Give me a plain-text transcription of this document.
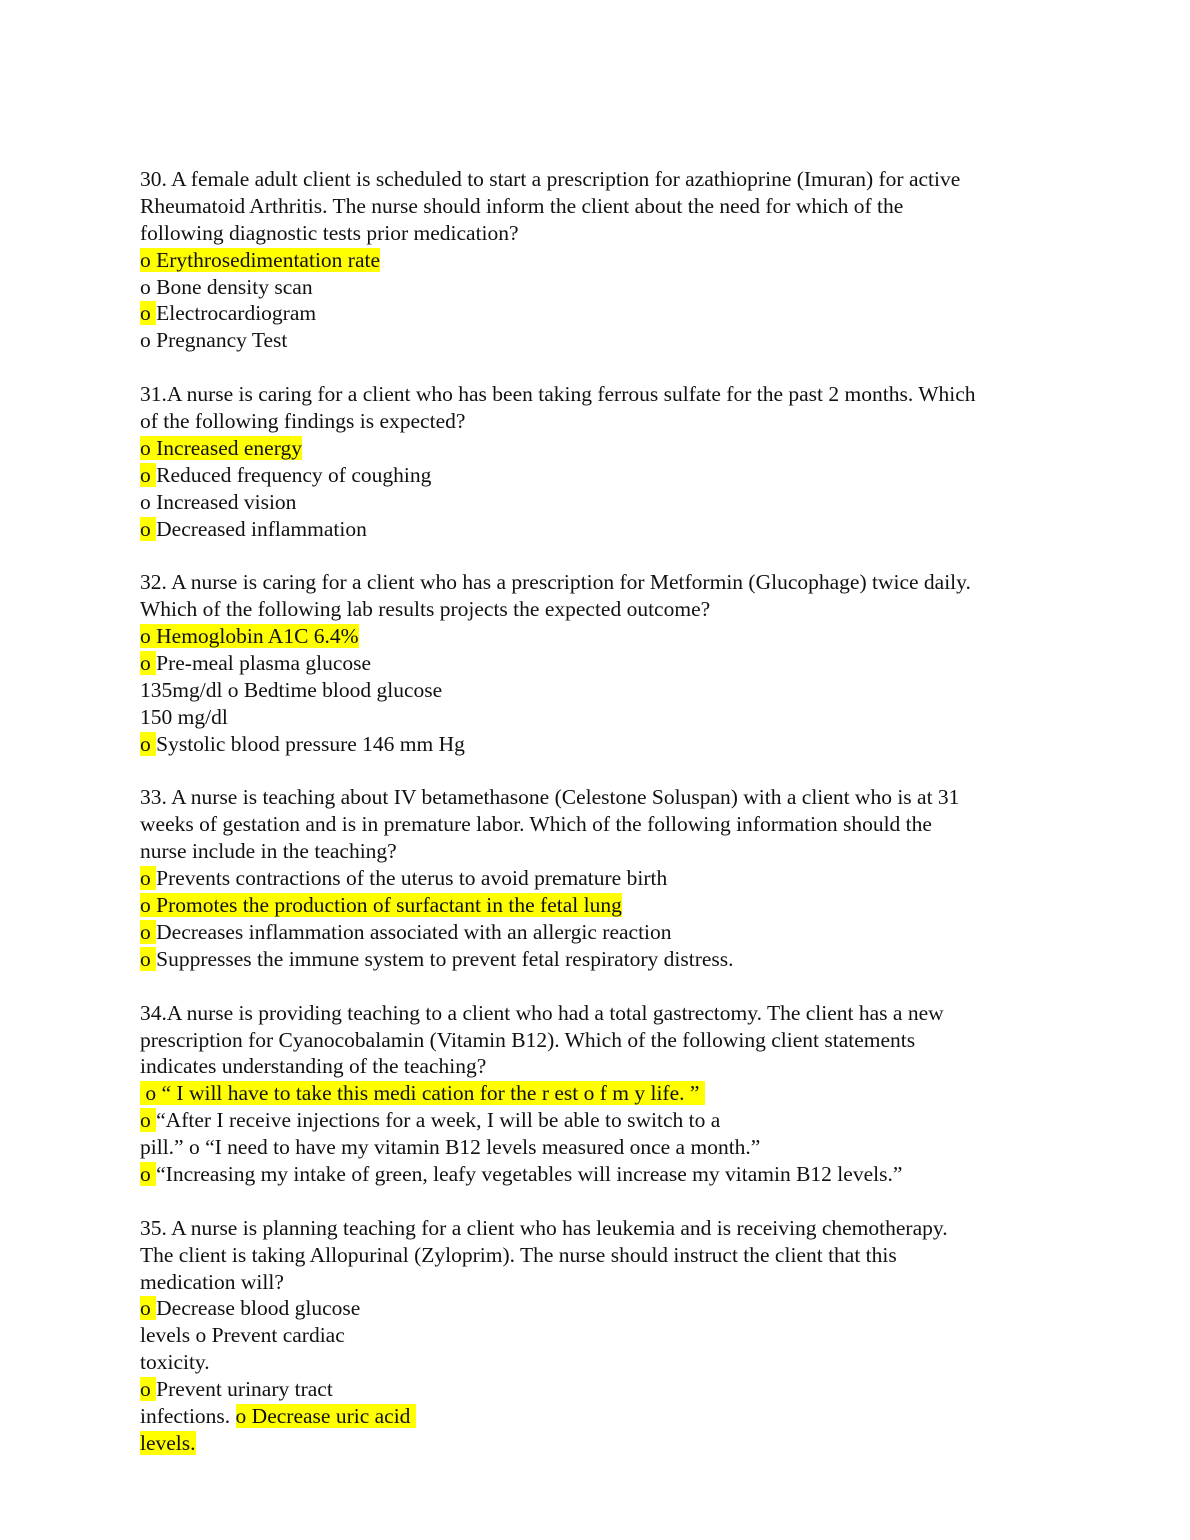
30. A female adult client is scheduled to start a prescription for azathioprine (Imuran) for active
Rheumatoid Arthritis. The nurse should inform the client about the need for which of the
following diagnostic tests prior medication?
o Erythrosedimentation rate
o Bone density scan
o Electrocardiogram
o Pregnancy Test
31.A nurse is caring for a client who has been taking ferrous sulfate for the past 2 months. Which
of the following findings is expected?
o Increased energy
o Reduced frequency of coughing
o Increased vision
o Decreased inflammation
32. A nurse is caring for a client who has a prescription for Metformin (Glucophage) twice daily.
Which of the following lab results projects the expected outcome?
o Hemoglobin A1C 6.4%
o Pre-meal plasma glucose
135mg/dl o Bedtime blood glucose
150 mg/dl
o Systolic blood pressure 146 mm Hg
33. A nurse is teaching about IV betamethasone (Celestone Soluspan) with a client who is at 31
weeks of gestation and is in premature labor. Which of the following information should the
nurse include in the teaching?
o Prevents contractions of the uterus to avoid premature birth
o Promotes the production of surfactant in the fetal lung
o Decreases inflammation associated with an allergic reaction
o Suppresses the immune system to prevent fetal respiratory distress.
34.A nurse is providing teaching to a client who had a total gastrectomy. The client has a new
prescription for Cyanocobalamin (Vitamin B12). Which of the following client statements
indicates understanding of the teaching?
o “ I will have to take this medi cation for the r est o f m y life. ”
o “After I receive injections for a week, I will be able to switch to a
pill.” o “I need to have my vitamin B12 levels measured once a month.”
o “Increasing my intake of green, leafy vegetables will increase my vitamin B12 levels.”
35. A nurse is planning teaching for a client who has leukemia and is receiving chemotherapy.
The client is taking Allopurinal (Zyloprim). The nurse should instruct the client that this
medication will?
o Decrease blood glucose
levels o Prevent cardiac
toxicity.
o Prevent urinary tract
infections. o Decrease uric acid
levels.
